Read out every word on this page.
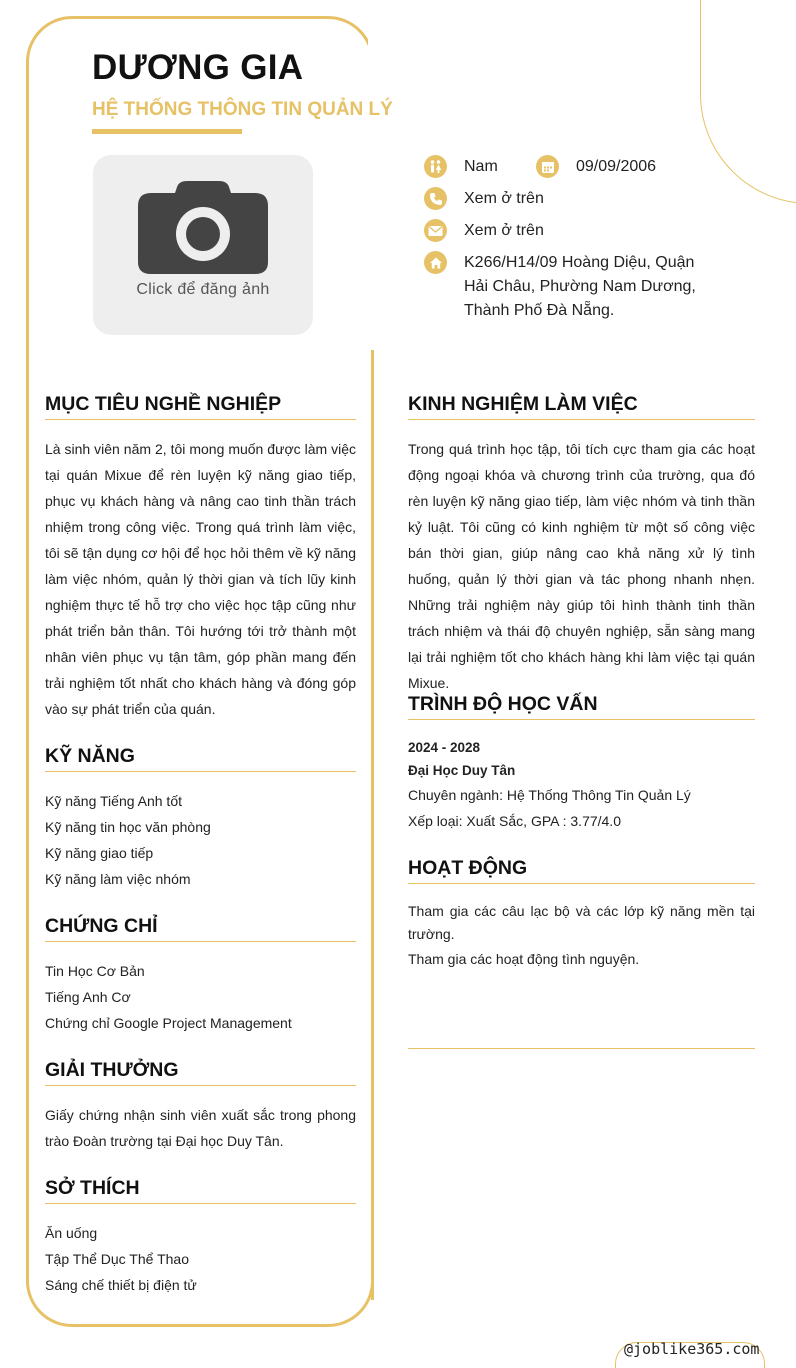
DƯƠNG GIA
HỆ THỐNG THÔNG TIN QUẢN LÝ
Click để đăng ảnh
Nam	09/09/2006
Xem ở trên
Xem ở trên
K266/H14/09 Hoàng Diệu, Quận Hải Châu, Phường Nam Dương, Thành Phố Đà Nẵng.
MỤC TIÊU NGHỀ NGHIỆP

Là sinh viên năm 2, tôi mong muốn được làm việc tại quán Mixue để rèn luyện kỹ năng giao tiếp, phục vụ khách hàng và nâng cao tinh thần trách nhiệm trong công việc. Trong quá trình làm việc, tôi sẽ tận dụng cơ hội để học hỏi thêm về kỹ năng làm việc nhóm, quản lý thời gian và tích lũy kinh nghiệm thực tế hỗ trợ cho việc học tập cũng như phát triển bản thân. Tôi hướng tới trở thành một nhân viên phục vụ tận tâm, góp phần mang đến trải nghiệm tốt nhất cho khách hàng và đóng góp vào sự phát triển của quán.

KỸ NĂNG
Kỹ năng Tiếng Anh tốt
Kỹ năng tin học văn phòng
Kỹ năng giao tiếp
Kỹ năng làm việc nhóm
CHỨNG CHỈ
Tin Học Cơ Bản
Tiếng Anh Cơ
Chứng chỉ Google Project Management
GIẢI THƯỞNG

Giấy chứng nhận sinh viên xuất sắc trong phong trào Đoàn trường tại Đại học Duy Tân.

SỞ THÍCH
Ăn uống
Tập Thể Dục Thể Thao
Sáng chế thiết bị điện tử
KINH NGHIỆM LÀM VIỆC

Trong quá trình học tập, tôi tích cực tham gia các hoạt động ngoại khóa và chương trình của trường, qua đó rèn luyện kỹ năng giao tiếp, làm việc nhóm và tinh thần kỷ luật. Tôi cũng có kinh nghiệm từ một số công việc bán thời gian, giúp nâng cao khả năng xử lý tình huống, quản lý thời gian và tác phong nhanh nhẹn. Những trải nghiệm này giúp tôi hình thành tinh thần trách nhiệm và thái độ chuyên nghiệp, sẵn sàng mang lại trải nghiệm tốt cho khách hàng khi làm việc tại quán Mixue.

TRÌNH ĐỘ HỌC VẤN
2024 - 2028
Đại Học Duy Tân
Chuyên ngành: Hệ Thống Thông Tin Quản Lý
Xếp loại: Xuất Sắc, GPA : 3.77/4.0
HOẠT ĐỘNG
Tham gia các câu lạc bộ và các lớp kỹ năng mền tại trường.
Tham gia các hoạt động tình nguyện.
@joblike365.com
